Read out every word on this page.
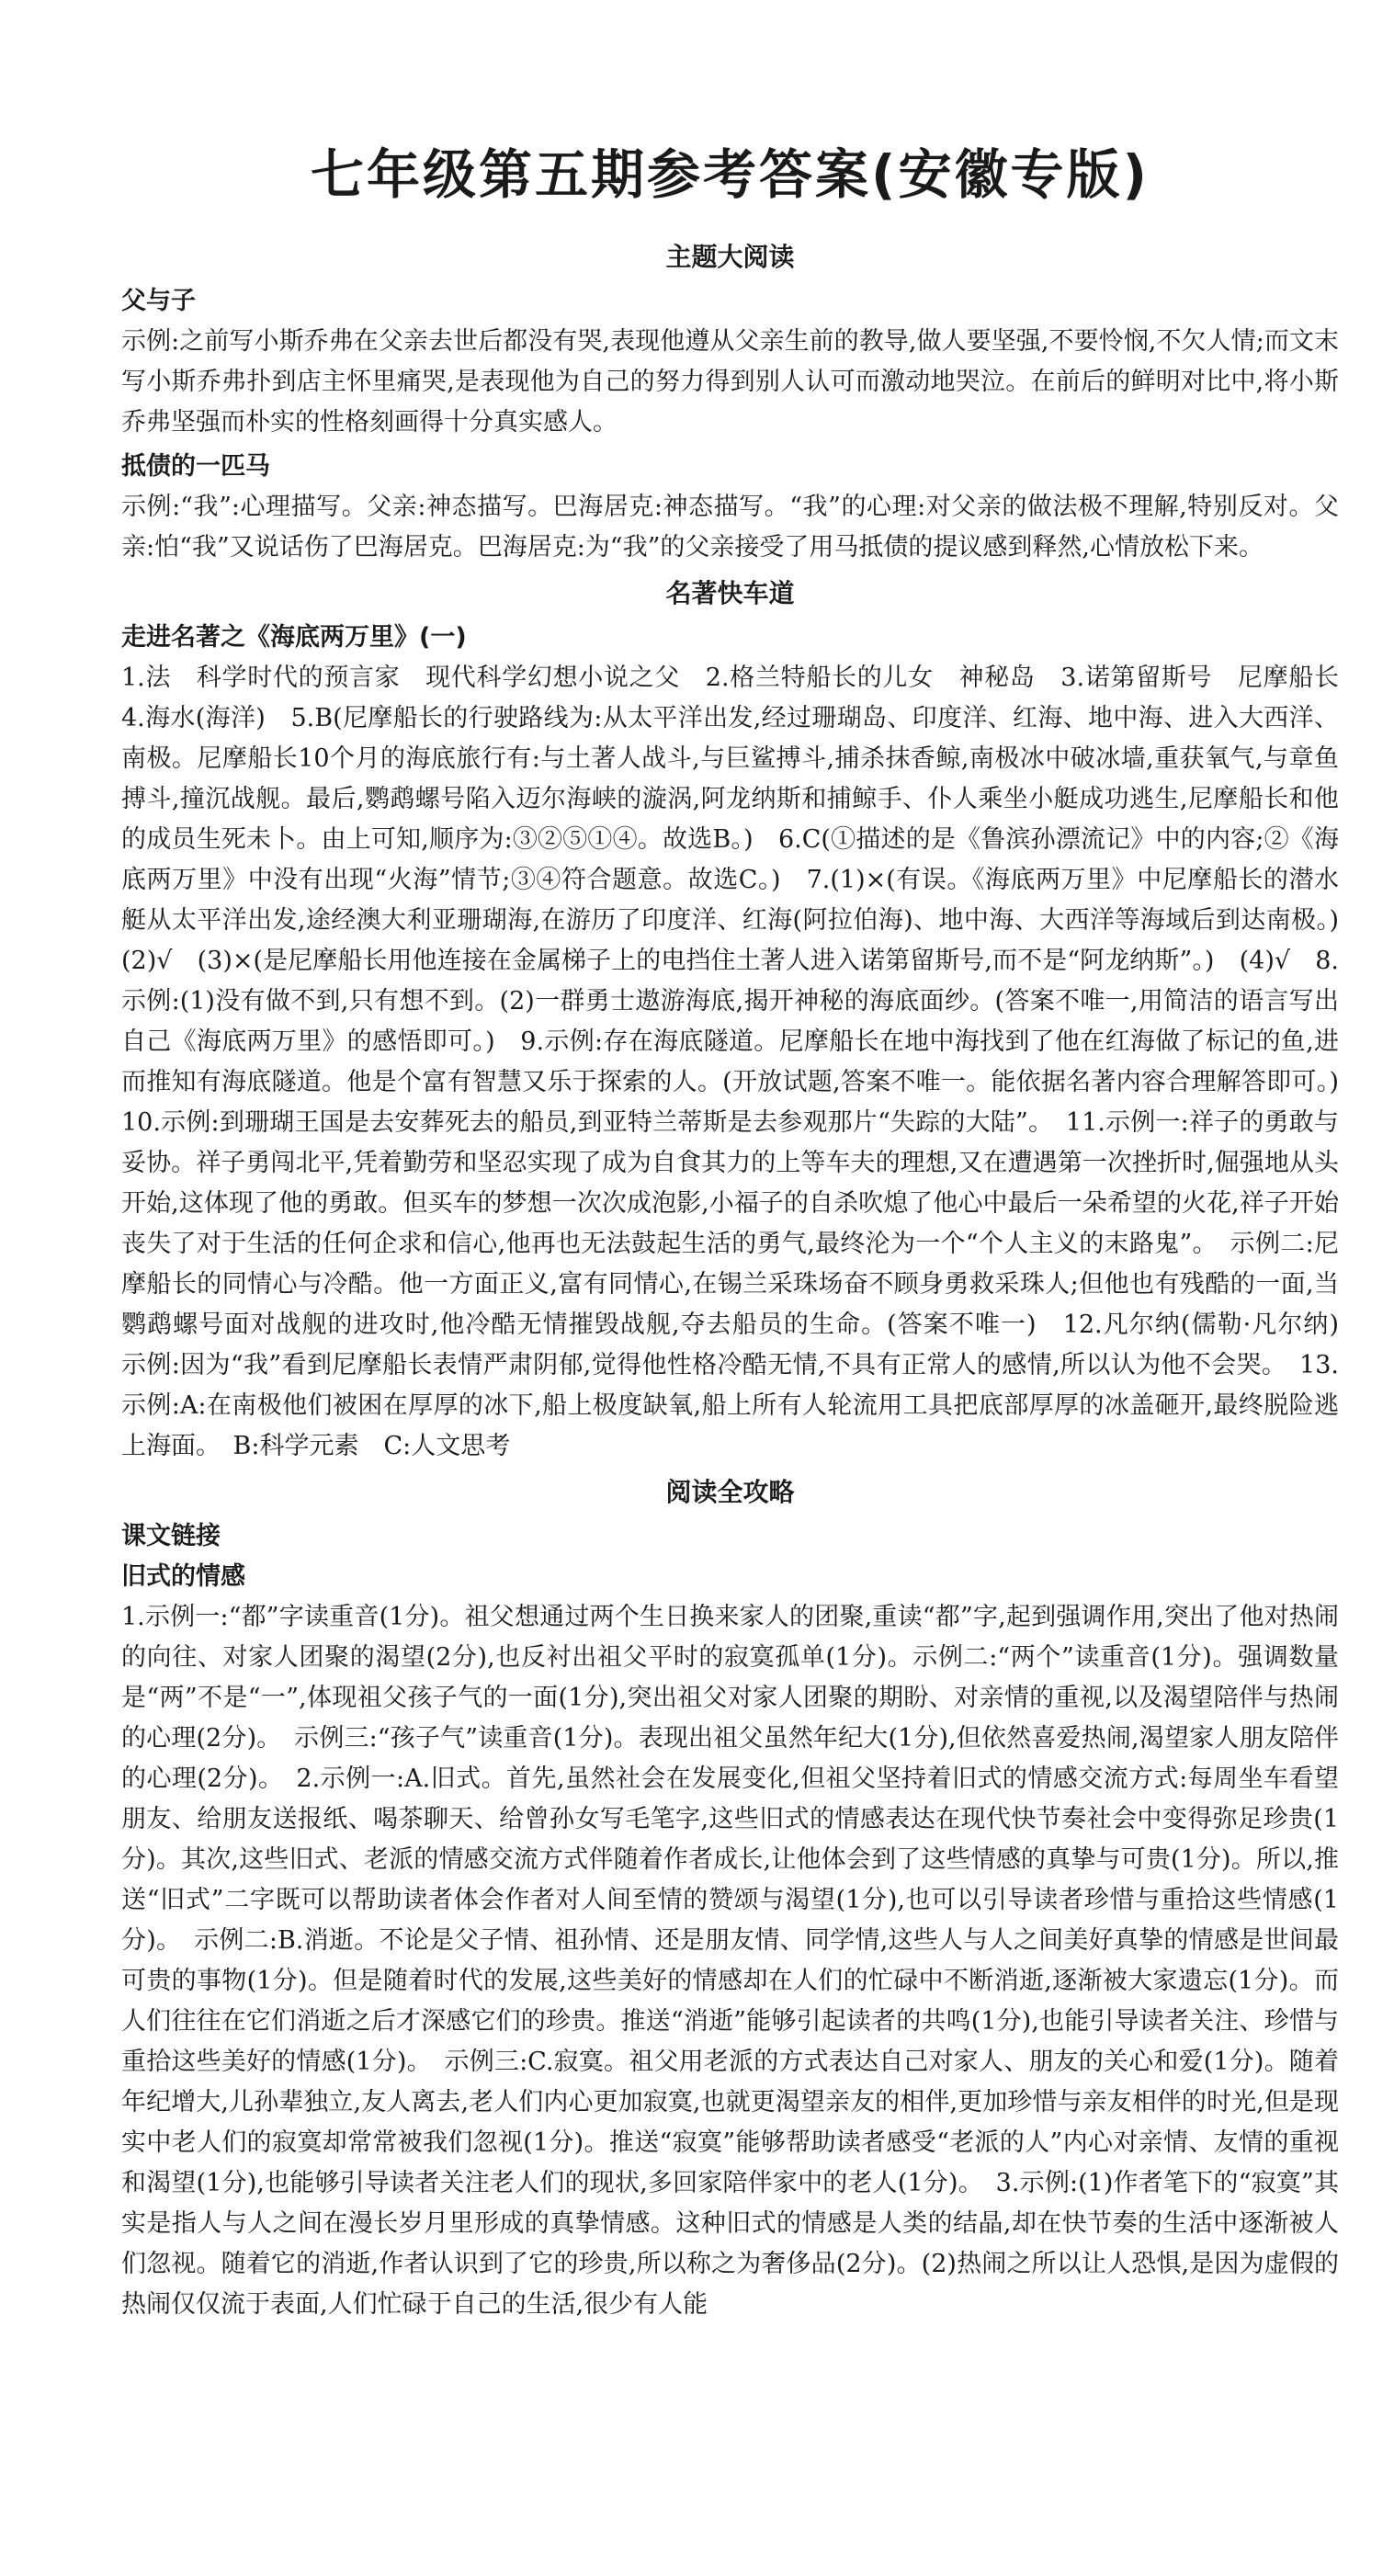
七年级第五期参考答案(安徽专版)
主题大阅读
父与子

示例:之前写小斯乔弗在父亲去世后都没有哭,表现他遵从父亲生前的教导,做人要坚强,不要怜悯,不欠人情;而文末写小斯乔弗扑到店主怀里痛哭,是表现他为自己的努力得到别人认可而激动地哭泣。在前后的鲜明对比中,将小斯乔弗坚强而朴实的性格刻画得十分真实感人。

抵债的一匹马

示例:“我”:心理描写。父亲:神态描写。巴海居克:神态描写。“我”的心理:对父亲的做法极不理解,特别反对。父亲:怕“我”又说话伤了巴海居克。巴海居克:为“我”的父亲接受了用马抵债的提议感到释然,心情放松下来。

名著快车道
走进名著之《海底两万里》(一)

1.法　科学时代的预言家　现代科学幻想小说之父　2.格兰特船长的儿女　神秘岛　3.诺第留斯号　尼摩船长　4.海水(海洋)　5.B(尼摩船长的行驶路线为:从太平洋出发,经过珊瑚岛、印度洋、红海、地中海、进入大西洋、南极。尼摩船长10个月的海底旅行有:与土著人战斗,与巨鲨搏斗,捕杀抹香鲸,南极冰中破冰墙,重获氧气,与章鱼搏斗,撞沉战舰。最后,鹦鹉螺号陷入迈尔海峡的漩涡,阿龙纳斯和捕鲸手、仆人乘坐小艇成功逃生,尼摩船长和他的成员生死未卜。由上可知,顺序为:③②⑤①④。故选B。)　6.C(①描述的是《鲁滨孙漂流记》中的内容;②《海底两万里》中没有出现“火海”情节;③④符合题意。故选C。)　7.(1)×(有误。《海底两万里》中尼摩船长的潜水艇从太平洋出发,途经澳大利亚珊瑚海,在游历了印度洋、红海(阿拉伯海)、地中海、大西洋等海域后到达南极。)　(2)√　(3)×(是尼摩船长用他连接在金属梯子上的电挡住土著人进入诺第留斯号,而不是“阿龙纳斯”。)　(4)√　8.示例:(1)没有做不到,只有想不到。(2)一群勇士遨游海底,揭开神秘的海底面纱。(答案不唯一,用简洁的语言写出自己《海底两万里》的感悟即可。)　9.示例:存在海底隧道。尼摩船长在地中海找到了他在红海做了标记的鱼,进而推知有海底隧道。他是个富有智慧又乐于探索的人。(开放试题,答案不唯一。能依据名著内容合理解答即可。)　10.示例:到珊瑚王国是去安葬死去的船员,到亚特兰蒂斯是去参观那片“失踪的大陆”。　11.示例一:祥子的勇敢与妥协。祥子勇闯北平,凭着勤劳和坚忍实现了成为自食其力的上等车夫的理想,又在遭遇第一次挫折时,倔强地从头开始,这体现了他的勇敢。但买车的梦想一次次成泡影,小福子的自杀吹熄了他心中最后一朵希望的火花,祥子开始丧失了对于生活的任何企求和信心,他再也无法鼓起生活的勇气,最终沦为一个“个人主义的末路鬼”。　示例二:尼摩船长的同情心与冷酷。他一方面正义,富有同情心,在锡兰采珠场奋不顾身勇救采珠人;但他也有残酷的一面,当鹦鹉螺号面对战舰的进攻时,他冷酷无情摧毁战舰,夺去船员的生命。(答案不唯一)　12.凡尔纳(儒勒·凡尔纳)　示例:因为“我”看到尼摩船长表情严肃阴郁,觉得他性格冷酷无情,不具有正常人的感情,所以认为他不会哭。　13.示例:A:在南极他们被困在厚厚的冰下,船上极度缺氧,船上所有人轮流用工具把底部厚厚的冰盖砸开,最终脱险逃上海面。　B:科学元素　C:人文思考

阅读全攻略
课文链接
旧式的情感

1.示例一:“都”字读重音(1分)。祖父想通过两个生日换来家人的团聚,重读“都”字,起到强调作用,突出了他对热闹的向往、对家人团聚的渴望(2分),也反衬出祖父平时的寂寞孤单(1分)。示例二:“两个”读重音(1分)。强调数量是“两”不是“一”,体现祖父孩子气的一面(1分),突出祖父对家人团聚的期盼、对亲情的重视,以及渴望陪伴与热闹的心理(2分)。　示例三:“孩子气”读重音(1分)。表现出祖父虽然年纪大(1分),但依然喜爱热闹,渴望家人朋友陪伴的心理(2分)。　2.示例一:A.旧式。首先,虽然社会在发展变化,但祖父坚持着旧式的情感交流方式:每周坐车看望朋友、给朋友送报纸、喝茶聊天、给曾孙女写毛笔字,这些旧式的情感表达在现代快节奏社会中变得弥足珍贵(1分)。其次,这些旧式、老派的情感交流方式伴随着作者成长,让他体会到了这些情感的真挚与可贵(1分)。所以,推送“旧式”二字既可以帮助读者体会作者对人间至情的赞颂与渴望(1分),也可以引导读者珍惜与重拾这些情感(1分)。　示例二:B.消逝。不论是父子情、祖孙情、还是朋友情、同学情,这些人与人之间美好真挚的情感是世间最可贵的事物(1分)。但是随着时代的发展,这些美好的情感却在人们的忙碌中不断消逝,逐渐被大家遗忘(1分)。而人们往往在它们消逝之后才深感它们的珍贵。推送“消逝”能够引起读者的共鸣(1分),也能引导读者关注、珍惜与重拾这些美好的情感(1分)。　示例三:C.寂寞。祖父用老派的方式表达自己对家人、朋友的关心和爱(1分)。随着年纪增大,儿孙辈独立,友人离去,老人们内心更加寂寞,也就更渴望亲友的相伴,更加珍惜与亲友相伴的时光,但是现实中老人们的寂寞却常常被我们忽视(1分)。推送“寂寞”能够帮助读者感受“老派的人”内心对亲情、友情的重视和渴望(1分),也能够引导读者关注老人们的现状,多回家陪伴家中的老人(1分)。　3.示例:(1)作者笔下的“寂寞”其实是指人与人之间在漫长岁月里形成的真挚情感。这种旧式的情感是人类的结晶,却在快节奏的生活中逐渐被人们忽视。随着它的消逝,作者认识到了它的珍贵,所以称之为奢侈品(2分)。(2)热闹之所以让人恐惧,是因为虚假的热闹仅仅流于表面,人们忙碌于自己的生活,很少有人能
